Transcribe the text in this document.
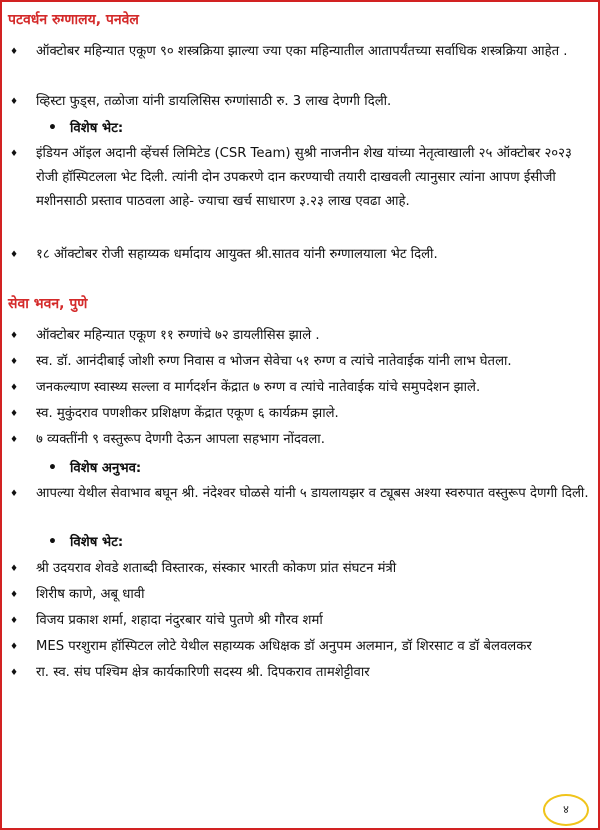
पटवर्धन रुग्णालय, पनवेल
♦ ऑक्टोबर महिन्यात एकूण ९० शस्त्रक्रिया झाल्या ज्या एका महिन्यातील आतापर्यंतच्या सर्वाधिक शस्त्रक्रिया आहेत .
♦ व्हिस्टा फुड्स, तळोजा यांनी डायलिसिस रुग्णांसाठी रु. 3 लाख देणगी दिली.
• विशेष भेट:
♦ इंडियन ऑइल अदानी व्हेंचर्स लिमिटेड (CSR Team) सुश्री नाजनीन शेख यांच्या नेतृत्वाखाली २५ ऑक्टोबर २०२३ रोजी हॉस्पिटलला भेट दिली. त्यांनी दोन उपकरणे दान करण्याची तयारी दाखवली त्यानुसार त्यांना आपण ईसीजी मशीनसाठी प्रस्ताव पाठवला आहे- ज्याचा खर्च साधारण ३.२३ लाख एवढा आहे.
♦ १८ ऑक्टोबर रोजी सहाय्यक धर्मादाय आयुक्त श्री.सातव यांनी रुग्णालयाला भेट दिली.
सेवा भवन, पुणे
♦ ऑक्टोबर महिन्यात एकूण ११ रुग्णांचे ७२ डायलीसिस झाले .
♦ स्व. डॉ. आनंदीबाई जोशी रुग्ण निवास व भोजन सेवेचा ५१ रुग्ण व त्यांचे नातेवाईक यांनी लाभ घेतला.
♦ जनकल्याण स्वास्थ्य सल्ला व मार्गदर्शन केंद्रात ७ रुग्ण व त्यांचे नातेवाईक यांचे समुपदेशन झाले.
♦ स्व. मुकुंदराव पणशीकर प्रशिक्षण केंद्रात एकूण ६ कार्यक्रम झाले.
♦ ७ व्यक्तींनी ९ वस्तुरूप देणगी देऊन आपला सहभाग नोंदवला.
• विशेष अनुभव:
♦ आपल्या येथील सेवाभाव बघून श्री. नंदेश्वर घोळसे यांनी ५ डायलायझर व ट्यूबस अश्या स्वरुपात वस्तुरूप देणगी दिली.
• विशेष भेट:
♦ श्री उदयराव शेवडे शताब्दी विस्तारक, संस्कार भारती कोकण प्रांत संघटन मंत्री
♦ शिरीष काणे, अबू धावी
♦ विजय प्रकाश शर्मा, शहादा नंदुरबार यांचे पुतणे श्री गौरव शर्मा
♦ MES परशुराम हॉस्पिटल लोटे येथील सहाय्यक अधिक्षक डॉ अनुपम अलमान, डॉ शिरसाट व डॉ बेलवलकर
♦ रा. स्व. संघ पश्चिम क्षेत्र कार्यकारिणी सदस्य श्री. दिपकराव तामशेट्टीवार
४
